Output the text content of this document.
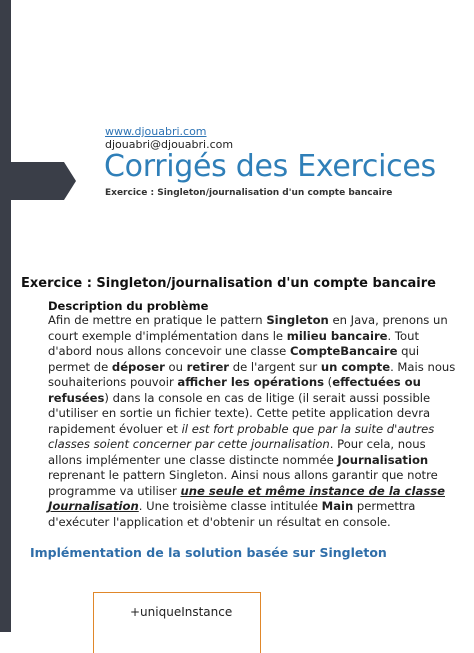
www.djouabri.com
djouabri@djouabri.com
Corrigés des Exercices
Exercice : Singleton/journalisation d'un compte bancaire
Exercice : Singleton/journalisation d'un compte bancaire
Description du problème
Afin de mettre en pratique le pattern Singleton en Java, prenons un court exemple d'implémentation dans le milieu bancaire. Tout d'abord nous allons concevoir une classe CompteBancaire qui permet de déposer ou retirer de l'argent sur un compte. Mais nous souhaiterions pouvoir afficher les opérations (effectuées ou refusées) dans la console en cas de litige (il serait aussi possible d'utiliser en sortie un fichier texte). Cette petite application devra rapidement évoluer et il est fort probable que par la suite d'autres classes soient concerner par cette journalisation. Pour cela, nous allons implémenter une classe distincte nommée Journalisation reprenant le pattern Singleton. Ainsi nous allons garantir que notre programme va utiliser une seule et même instance de la classe Journalisation. Une troisième classe intitulée Main permettra d'exécuter l'application et d'obtenir un résultat en console.
Implémentation de la solution basée sur Singleton
+uniqueInstance
